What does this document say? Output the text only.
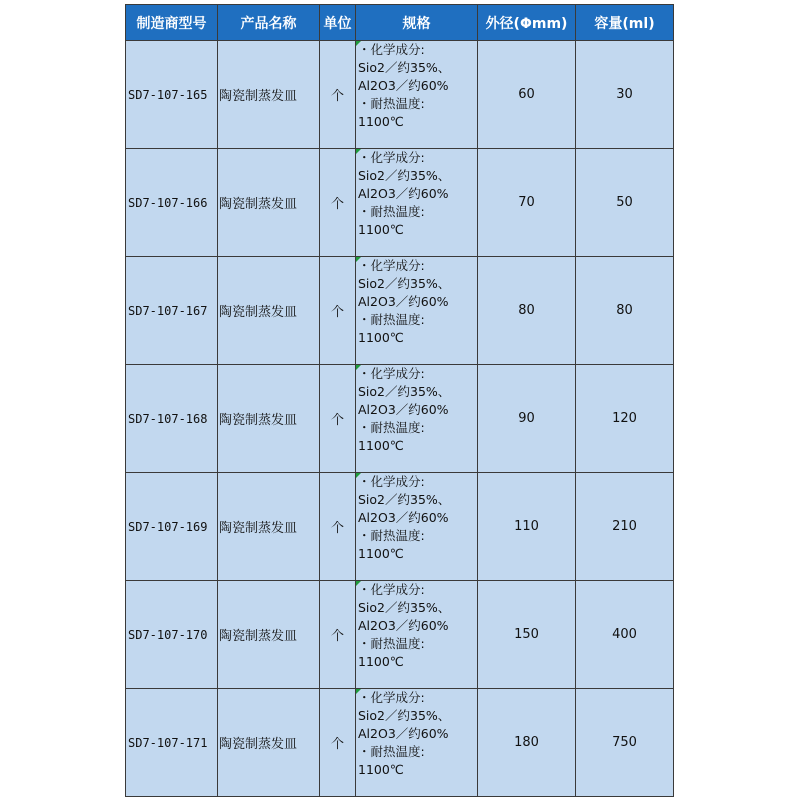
制造商型号	产品名称	单位	规格	外径(Φmm)	容量(ml)
SD7-107-165	陶瓷制蒸发皿	个	・化学成分:
Sio2／约35%、
Al2O3／约60%
・耐热温度:
1100℃	60	30
SD7-107-166	陶瓷制蒸发皿	个	・化学成分:
Sio2／约35%、
Al2O3／约60%
・耐热温度:
1100℃	70	50
SD7-107-167	陶瓷制蒸发皿	个	・化学成分:
Sio2／约35%、
Al2O3／约60%
・耐热温度:
1100℃	80	80
SD7-107-168	陶瓷制蒸发皿	个	・化学成分:
Sio2／约35%、
Al2O3／约60%
・耐热温度:
1100℃	90	120
SD7-107-169	陶瓷制蒸发皿	个	・化学成分:
Sio2／约35%、
Al2O3／约60%
・耐热温度:
1100℃	110	210
SD7-107-170	陶瓷制蒸发皿	个	・化学成分:
Sio2／约35%、
Al2O3／约60%
・耐热温度:
1100℃	150	400
SD7-107-171	陶瓷制蒸发皿	个	・化学成分:
Sio2／约35%、
Al2O3／约60%
・耐热温度:
1100℃	180	750
